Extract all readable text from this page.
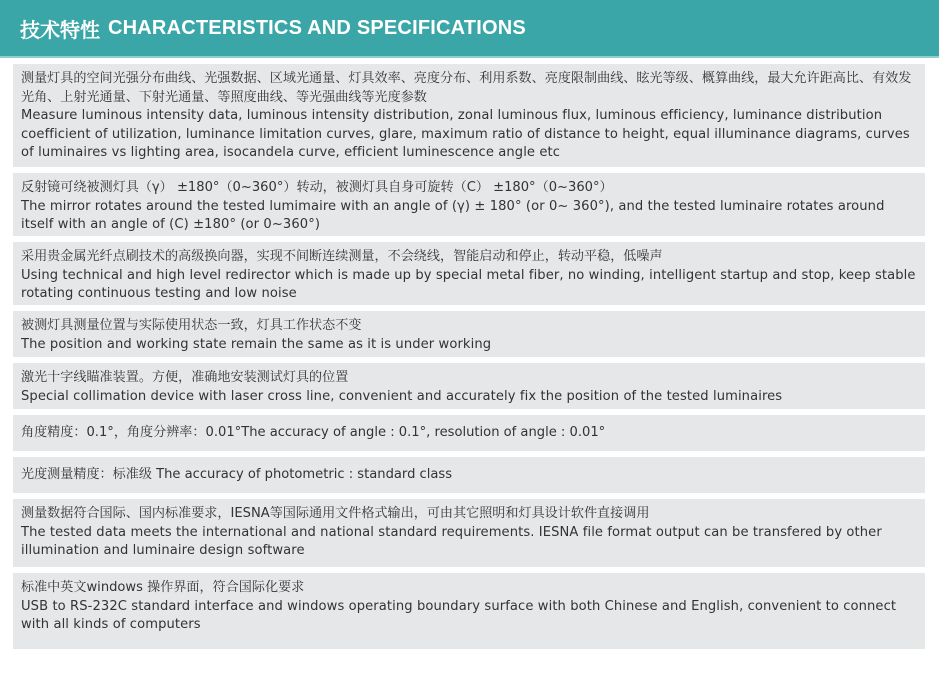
技术特性 CHARACTERISTICS AND SPECIFICATIONS

测量灯具的空间光强分布曲线、光强数据、区域光通量、灯具效率、亮度分布、利用系数、亮度限制曲线、眩光等级、概算曲线，最大允许距高比、有效发光角、上射光通量、下射光通量、等照度曲线、等光强曲线等光度参数

Measure luminous intensity data, luminous intensity distribution, zonal luminous flux, luminous efficiency, luminance distribution coefficient of utilization, luminance limitation curves, glare, maximum ratio of distance to height, equal illuminance diagrams, curves of luminaires vs lighting area, isocandela curve, efficient luminescence angle etc

反射镜可绕被测灯具（γ） ±180°（0~360°）转动，被测灯具自身可旋转（C） ±180°（0~360°）

The mirror rotates around the tested lumimaire with an angle of (γ) ± 180° (or 0~ 360°), and the tested luminaire rotates around itself with an angle of (C) ±180° (or 0~360°)

采用贵金属光纤点刷技术的高级换向器，实现不间断连续测量，不会绕线，智能启动和停止，转动平稳，低噪声

Using technical and high level redirector which is made up by special metal fiber, no winding, intelligent startup and stop, keep stable rotating continuous testing and low noise

被测灯具测量位置与实际使用状态一致，灯具工作状态不变

The position and working state remain the same as it is under working

激光十字线瞄准装置。方便，准确地安装测试灯具的位置

Special collimation device with laser cross line, convenient and accurately fix the position of the tested luminaires

角度精度：0.1°，角度分辨率：0.01°The accuracy of angle : 0.1°, resolution of angle : 0.01°

光度测量精度：标准级 The accuracy of photometric : standard class

测量数据符合国际、国内标准要求，IESNA等国际通用文件格式输出，可由其它照明和灯具设计软件直接调用

The tested data meets the international and national standard requirements. IESNA file format output can be transfered by other illumination and luminaire design software

标准中英文windows 操作界面，符合国际化要求

USB to RS-232C standard interface and windows operating boundary surface with both Chinese and English, convenient to connect with all kinds of computers
